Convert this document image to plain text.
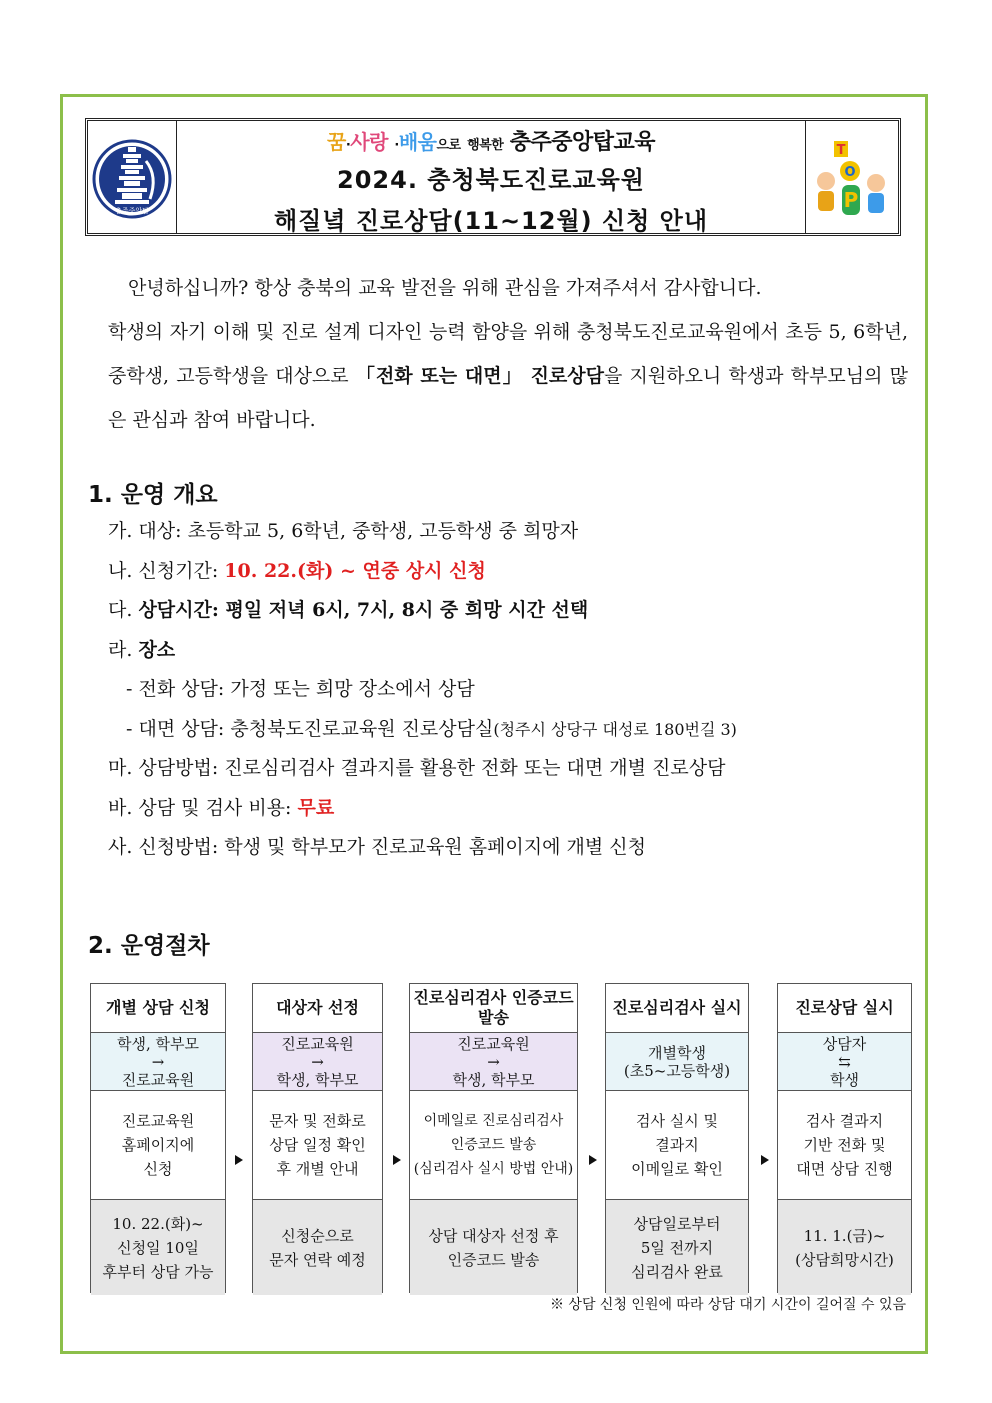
충주중앙탑
꿈·사랑 ·배움으로 행복한 충주중앙탑교육
2024. 충청북도진로교육원
해질녘 진로상담(11~12월) 신청 안내
T
O
P

안녕하십니까? 항상 충북의 교육 발전을 위해 관심을 가져주셔서 감사합니다.

학생의 자기 이해 및 진로 설계 디자인 능력 함양을 위해 충청북도진로교육원에서 초등 5, 6학년, 중학생, 고등학생을 대상으로 「전화 또는 대면」 진로상담을 지원하오니 학생과 학부모님의 많은 관심과 참여 바랍니다.

1. 운영 개요
가. 대상: 초등학교 5, 6학년, 중학생, 고등학생 중 희망자
나. 신청기간: 10. 22.(화) ~ 연중 상시 신청
다. 상담시간: 평일 저녁 6시, 7시, 8시 중 희망 시간 선택
라. 장소
- 전화 상담: 가정 또는 희망 장소에서 상담
- 대면 상담: 충청북도진로교육원 진로상담실(청주시 상당구 대성로 180번길 3)
마. 상담방법: 진로심리검사 결과지를 활용한 전화 또는 대면 개별 진로상담
바. 상담 및 검사 비용: 무료
사. 신청방법: 학생 및 학부모가 진로교육원 홈페이지에 개별 신청
2. 운영절차
개별 상담 신청
학생, 학부모
→
진로교육원
진로교육원
홈페이지에
신청
10. 22.(화)~
신청일 10일
후부터 상담 가능
대상자 선정
진로교육원
→
학생, 학부모
문자 및 전화로
상담 일정 확인
후 개별 안내
신청순으로
문자 연락 예정
진로심리검사 인증코드 발송
진로교육원
→
학생, 학부모
이메일로 진로심리검사
인증코드 발송
(심리검사 실시 방법 안내)
상담 대상자 선정 후
인증코드 발송
진로심리검사 실시
개별학생
(초5~고등학생)
검사 실시 및
결과지
이메일로 확인
상담일로부터
5일 전까지
심리검사 완료
진로상담 실시
상담자
⇆
학생
검사 결과지
기반 전화 및
대면 상담 진행
11. 1.(금)~
(상담희망시간)
※ 상담 신청 인원에 따라 상담 대기 시간이 길어질 수 있음
